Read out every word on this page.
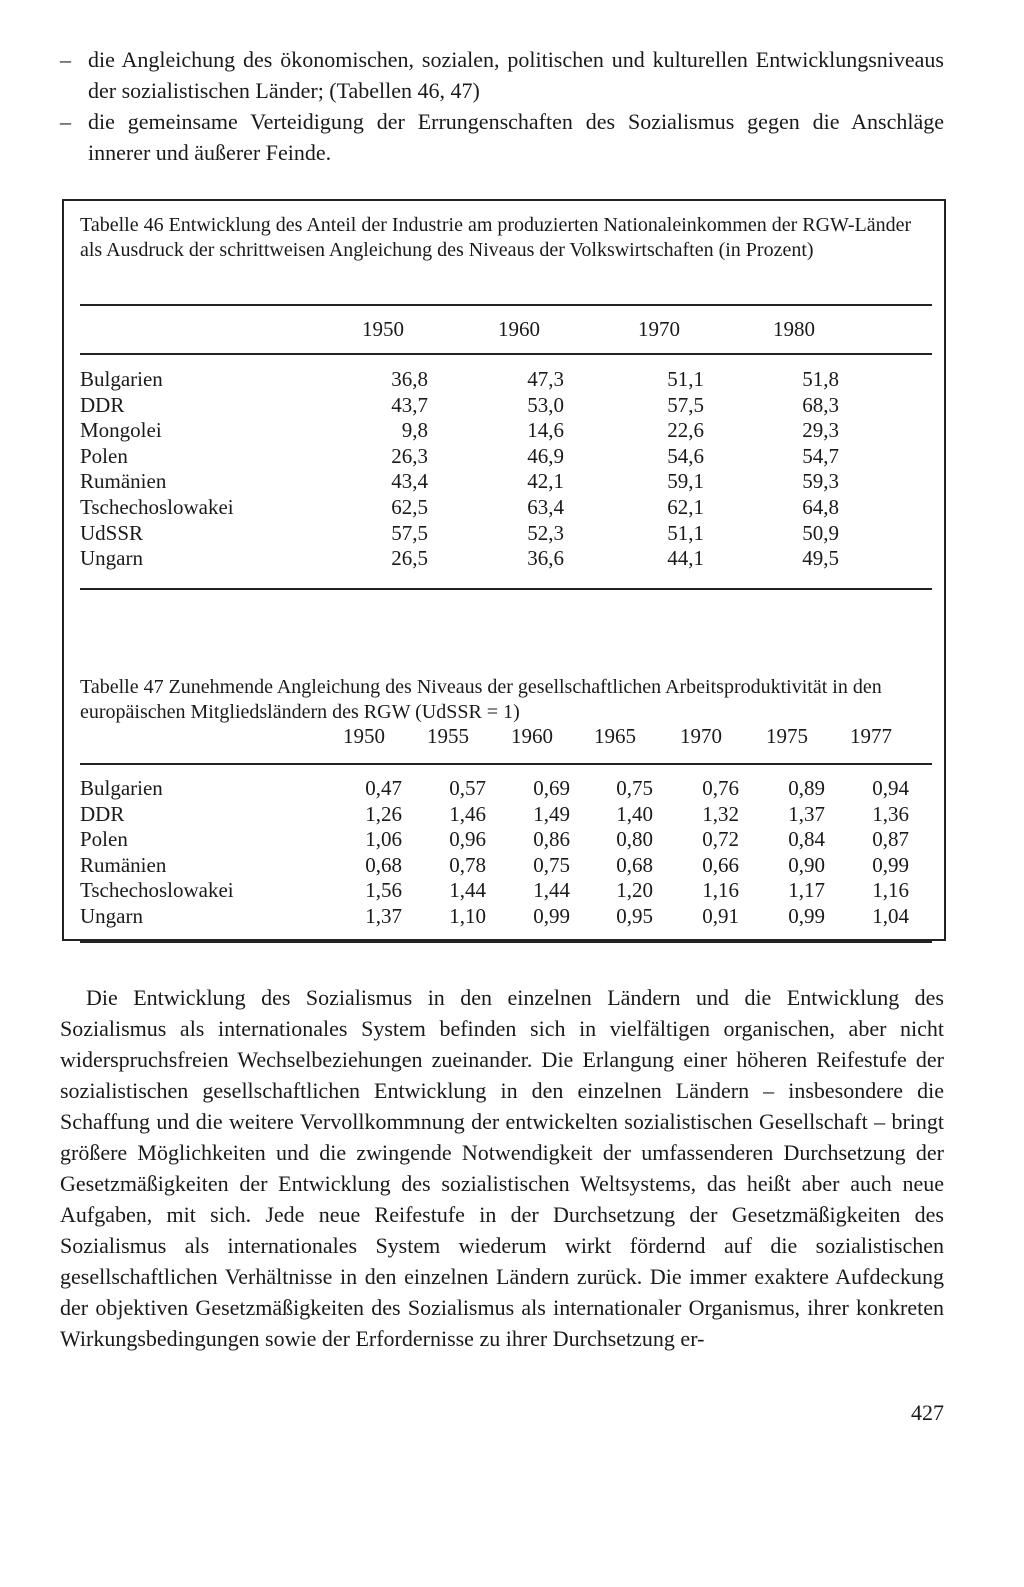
– die Angleichung des ökonomischen, sozialen, politischen und kulturellen Entwicklungsniveaus der sozialistischen Länder; (Tabellen 46, 47)
– die gemeinsame Verteidigung der Errungenschaften des Sozialismus gegen die Anschläge innerer und äußerer Feinde.
Tabelle 46 Entwicklung des Anteil der Industrie am produzierten Nationaleinkommen der RGW-Länder als Ausdruck der schrittweisen Angleichung des Niveaus der Volkswirtschaften (in Prozent)
1950	1960	1970	1980
Bulgarien	36,8	47,3	51,1	51,8
DDR	43,7	53,0	57,5	68,3
Mongolei	9,8	14,6	22,6	29,3
Polen	26,3	46,9	54,6	54,7
Rumänien	43,4	42,1	59,1	59,3
Tschechoslowakei	62,5	63,4	62,1	64,8
UdSSR	57,5	52,3	51,1	50,9
Ungarn	26,5	36,6	44,1	49,5
Tabelle 47 Zunehmende Angleichung des Niveaus der gesellschaftlichen Arbeitsproduktivität in den europäischen Mitgliedsländern des RGW (UdSSR = 1)
1950	1955	1960	1965	1970	1975	1977
Bulgarien	0,47	0,57	0,69	0,75	0,76	0,89	0,94
DDR	1,26	1,46	1,49	1,40	1,32	1,37	1,36
Polen	1,06	0,96	0,86	0,80	0,72	0,84	0,87
Rumänien	0,68	0,78	0,75	0,68	0,66	0,90	0,99
Tschechoslowakei	1,56	1,44	1,44	1,20	1,16	1,17	1,16
Ungarn	1,37	1,10	0,99	0,95	0,91	0,99	1,04

Die Entwicklung des Sozialismus in den einzelnen Ländern und die Entwicklung des Sozialismus als internationales System befinden sich in vielfältigen organischen, aber nicht widerspruchsfreien Wechselbeziehungen zueinander. Die Erlangung einer höheren Reifestufe der sozialistischen gesellschaftlichen Entwicklung in den einzelnen Ländern – insbesondere die Schaffung und die weitere Vervollkommnung der entwickelten sozialistischen Gesellschaft – bringt größere Möglichkeiten und die zwingende Notwendigkeit der umfassenderen Durchsetzung der Gesetzmäßigkeiten der Entwicklung des sozialistischen Weltsystems, das heißt aber auch neue Aufgaben, mit sich. Jede neue Reifestufe in der Durchsetzung der Gesetzmäßigkeiten des Sozialismus als internationales System wiederum wirkt fördernd auf die sozialistischen gesellschaftlichen Verhältnisse in den einzelnen Ländern zurück. Die immer exaktere Aufdeckung der objektiven Gesetzmäßigkeiten des Sozialismus als internationaler Organismus, ihrer konkreten Wirkungsbedingungen sowie der Erfordernisse zu ihrer Durchsetzung er-

427
